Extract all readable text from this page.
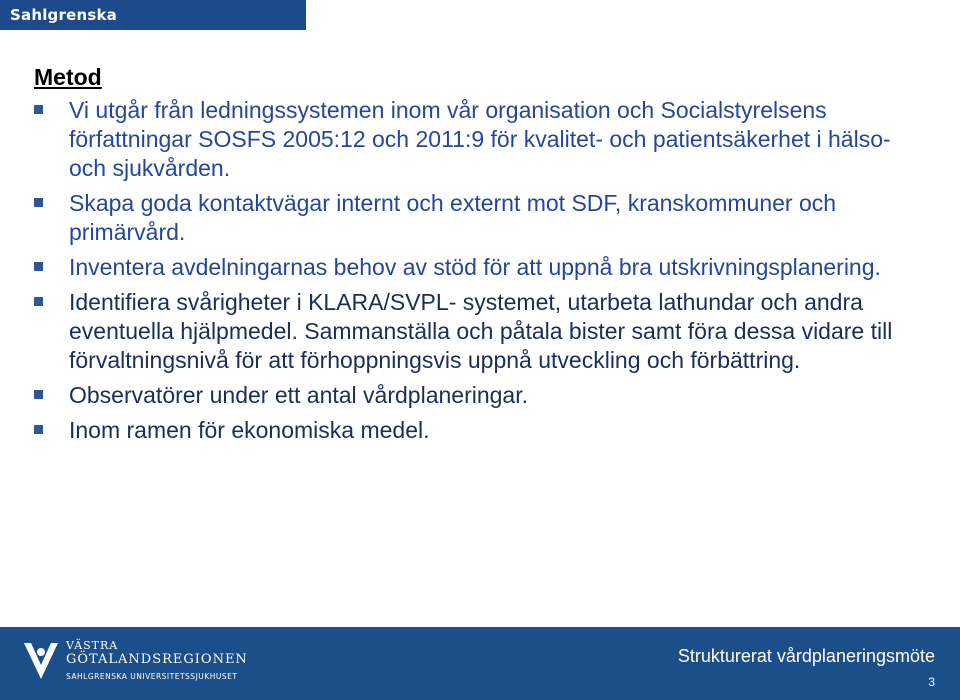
Sahlgrenska Universitetssjukhuset
Metod
Vi utgår från ledningssystemen inom vår organisation och Socialstyrelsens författningar SOSFS 2005:12 och 2011:9 för kvalitet- och patientsäkerhet i hälso- och sjukvården.
Skapa goda kontaktvägar internt och externt mot SDF, kranskommuner och primärvård.
Inventera avdelningarnas behov av stöd för att uppnå bra utskrivningsplanering.
Identifiera svårigheter i KLARA/SVPL- systemet, utarbeta lathundar och andra eventuella hjälpmedel. Sammanställa och påtala bister samt föra dessa vidare till förvaltningsnivå för att förhoppningsvis uppnå utveckling och förbättring.
Observatörer under ett antal vårdplaneringar.
Inom ramen för ekonomiska medel.
VÄSTRA
GÖTALANDSREGIONEN
SAHLGRENSKA UNIVERSITETSSJUKHUSET
Strukturerat vårdplaneringsmöte
3
